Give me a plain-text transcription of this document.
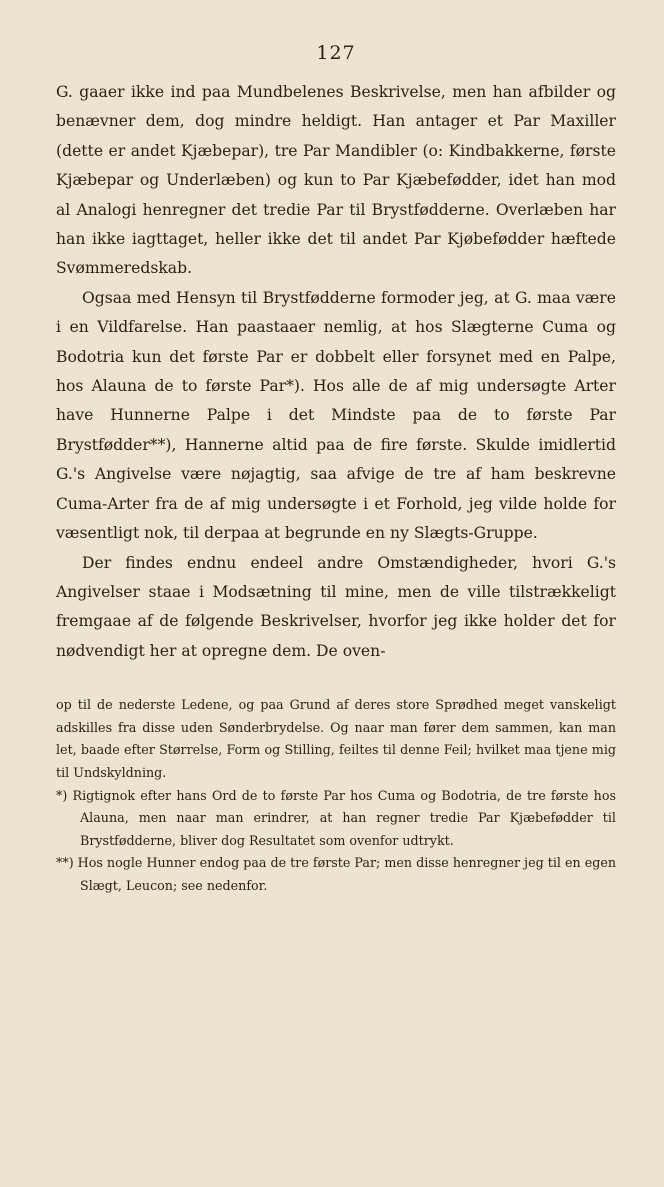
127

G. gaaer ikke ind paa Mundbelenes Beskrivelse, men han afbilder og benævner dem, dog mindre heldigt. Han antager et Par Maxiller (dette er andet Kjæbepar), tre Par Mandibler (o: Kindbakkerne, første Kjæbepar og Underlæben) og kun to Par Kjæbefødder, idet han mod al Analogi henregner det tredie Par til Brystfødderne. Overlæben har han ikke iagttaget, heller ikke det til andet Par Kjøbefødder hæftede Svømmeredskab.

Ogsaa med Hensyn til Brystfødderne formoder jeg, at G. maa være i en Vildfarelse. Han paastaaer nemlig, at hos Slægterne Cuma og Bodotria kun det første Par er dobbelt eller forsynet med en Palpe, hos Alauna de to første Par*). Hos alle de af mig undersøgte Arter have Hunnerne Palpe i det Mindste paa de to første Par Brystfødder**), Hannerne altid paa de fire første. Skulde imidlertid G.'s Angivelse være nøjagtig, saa afvige de tre af ham beskrevne Cuma-Arter fra de af mig undersøgte i et Forhold, jeg vilde holde for væsentligt nok, til derpaa at begrunde en ny Slægts-Gruppe.

Der findes endnu endeel andre Omstændigheder, hvori G.'s Angivelser staae i Modsætning til mine, men de ville tilstrækkeligt fremgaae af de følgende Beskrivelser, hvorfor jeg ikke holder det for nødvendigt her at opregne dem. De oven-

op til de nederste Ledene, og paa Grund af deres store Sprødhed meget vanskeligt adskilles fra disse uden Sønderbrydelse. Og naar man fører dem sammen, kan man let, baade efter Størrelse, Form og Stilling, feiltes til denne Feil; hvilket maa tjene mig til Undskyldning.

*) Rigtignok efter hans Ord de to første Par hos Cuma og Bodotria, de tre første hos Alauna, men naar man erindrer, at han regner tredie Par Kjæbefødder til Brystfødderne, bliver dog Resultatet som ovenfor udtrykt.

**) Hos nogle Hunner endog paa de tre første Par; men disse henregner jeg til en egen Slægt, Leucon; see nedenfor.
